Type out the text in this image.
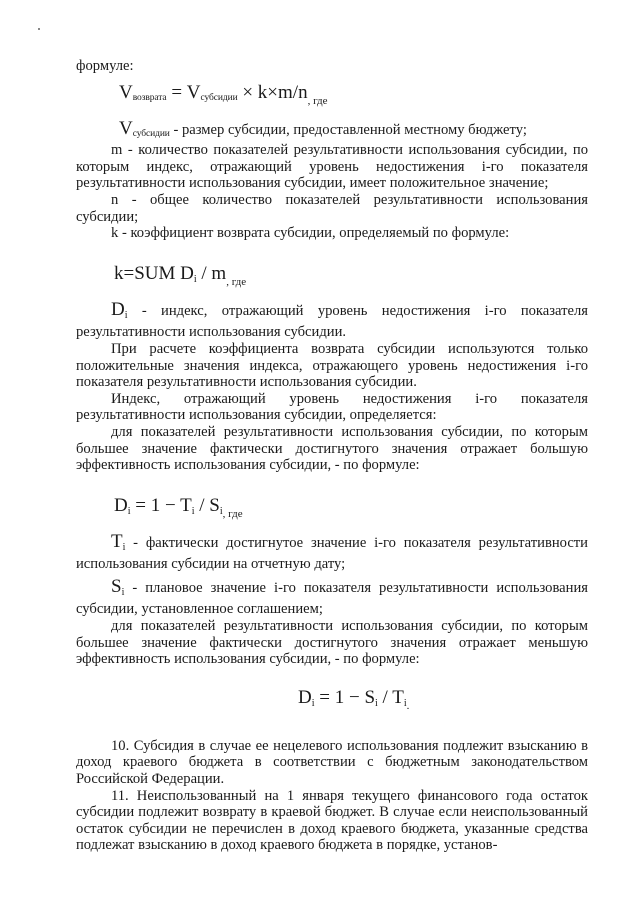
формуле:

$V_{возврата} = V_{субсидии} \times k\times m/n_{, где}$

$V_{субсидии}$ - размер субсидии, предоставленной местному бюджету;

m - количество показателей результативности использования субсидии, по которым индекс, отражающий уровень недостижения i-го показателя результативности использования субсидии, имеет положительное значение;

n - общее количество показателей результативности использования субсидии;

k - коэффициент возврата субсидии, определяемый по формуле:

k=SUM Di / $m_{, где}$

$D_i$ - индекс, отражающий уровень недостижения i-го показателя результативности использования субсидии.

При расчете коэффициента возврата субсидии используются только положительные значения индекса, отражающего уровень недостижения i-го показателя результативности использования субсидии.

Индекс, отражающий уровень недостижения i-го показателя результативности использования субсидии, определяется:

для показателей результативности использования субсидии, по которым большее значение фактически достигнутого значения отражает большую эффективность использования субсидии, - по формуле:

$Di = 1 - Ti / Si_{, где}$

$T_i$ - фактически достигнутое значение i-го показателя результативности использования субсидии на отчетную дату;

$S_i$ - плановое значение i-го показателя результативности использования субсидии, установленное соглашением;

для показателей результативности использования субсидии, по которым большее значение фактически достигнутого значения отражает меньшую эффективность использования субсидии, - по формуле:

$Di = 1 - Si / Ti_.$

10. Субсидия в случае ее нецелевого использования подлежит взысканию в доход краевого бюджета в соответствии с бюджетным законодательством Российской Федерации.

11. Неиспользованный на 1 января текущего финансового года остаток субсидии подлежит возврату в краевой бюджет. В случае если неиспользованный остаток субсидии не перечислен в доход краевого бюджета, указанные средства подлежат взысканию в доход краевого бюджета в порядке, установ-
